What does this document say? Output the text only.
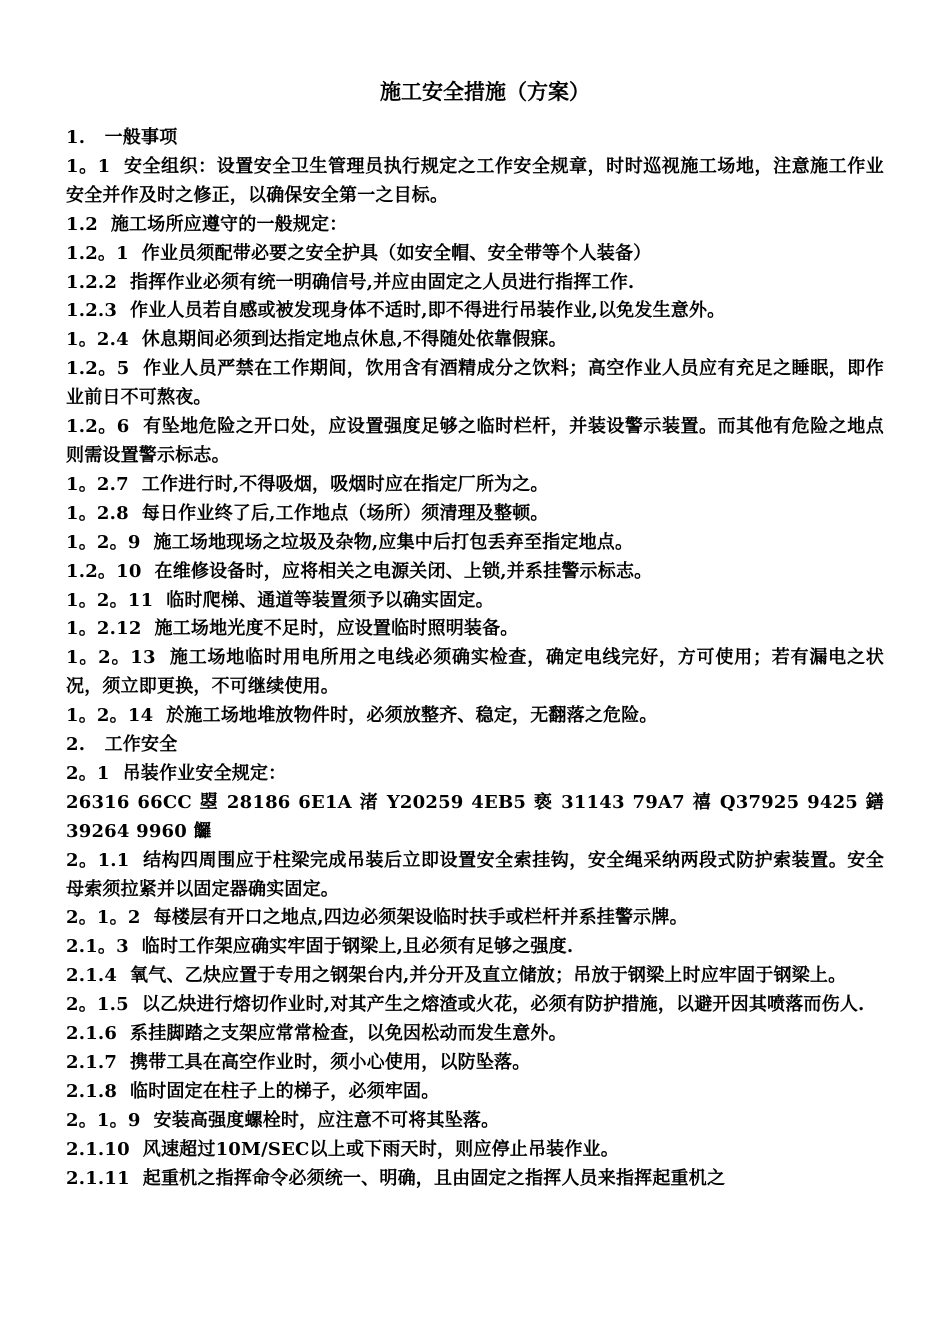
施工安全措施（方案）

1.   一般事项

1。1  安全组织：设置安全卫生管理员执行规定之工作安全规章，时时巡视施工场地，注意施工作业安全并作及时之修正，以确保安全第一之目标。

1.2  施工场所应遵守的一般规定：

1.2。1  作业员须配带必要之安全护具（如安全帽、安全带等个人装备）

1.2.2  指挥作业必须有统一明确信号,并应由固定之人员进行指挥工作.

1.2.3  作业人员若自感或被发现身体不适时,即不得进行吊装作业,以免发生意外。

1。2.4  休息期间必须到达指定地点休息,不得随处依靠假寐。

1.2。5  作业人员严禁在工作期间，饮用含有酒精成分之饮料；高空作业人员应有充足之睡眠，即作业前日不可熬夜。

1.2。6  有坠地危险之开口处，应设置强度足够之临时栏杆，并装设警示装置。而其他有危险之地点则需设置警示标志。

1。2.7  工作进行时,不得吸烟，吸烟时应在指定厂所为之。

1。2.8  每日作业终了后,工作地点（场所）须清理及整顿。

1。2。9  施工场地现场之垃圾及杂物,应集中后打包丢弃至指定地点。

1.2。10  在维修设备时，应将相关之电源关闭、上锁,并系挂警示标志。

1。2。11  临时爬梯、通道等装置须予以确实固定。

1。2.12  施工场地光度不足时，应设置临时照明装备。

1。2。13  施工场地临时用电所用之电线必须确实检查，确定电线完好，方可使用；若有漏电之状况，须立即更换，不可继续使用。

1。2。14  於施工场地堆放物件时，必须放整齐、稳定，无翻落之危险。

2.   工作安全

2。1  吊装作业安全规定：

26316 66CC 曌 28186 6E1A 渚 Y20259 4EB5 亵 31143 79A7 禧 Q37925 9425 鐥 39264 9960 饠

2。1.1  结构四周围应于柱梁完成吊装后立即设置安全索挂钩，安全绳采纳两段式防护索装置。安全母索须拉紧并以固定器确实固定。

2。1。2  每楼层有开口之地点,四边必须架设临时扶手或栏杆并系挂警示牌。

2.1。3  临时工作架应确实牢固于钢梁上,且必须有足够之强度.

2.1.4  氧气、乙炔应置于专用之钢架台内,并分开及直立储放；吊放于钢梁上时应牢固于钢梁上。

2。1.5  以乙炔进行熔切作业时,对其产生之熔渣或火花，必须有防护措施，以避开因其喷落而伤人.

2.1.6  系挂脚踏之支架应常常检查，以免因松动而发生意外。

2.1.7  携带工具在高空作业时，须小心使用，以防坠落。

2.1.8  临时固定在柱子上的梯子，必须牢固。

2。1。9  安装高强度螺栓时，应注意不可将其坠落。

2.1.10  风速超过10M/SEC以上或下雨天时，则应停止吊装作业。

2.1.11  起重机之指挥命令必须统一、明确，且由固定之指挥人员来指挥起重机之
